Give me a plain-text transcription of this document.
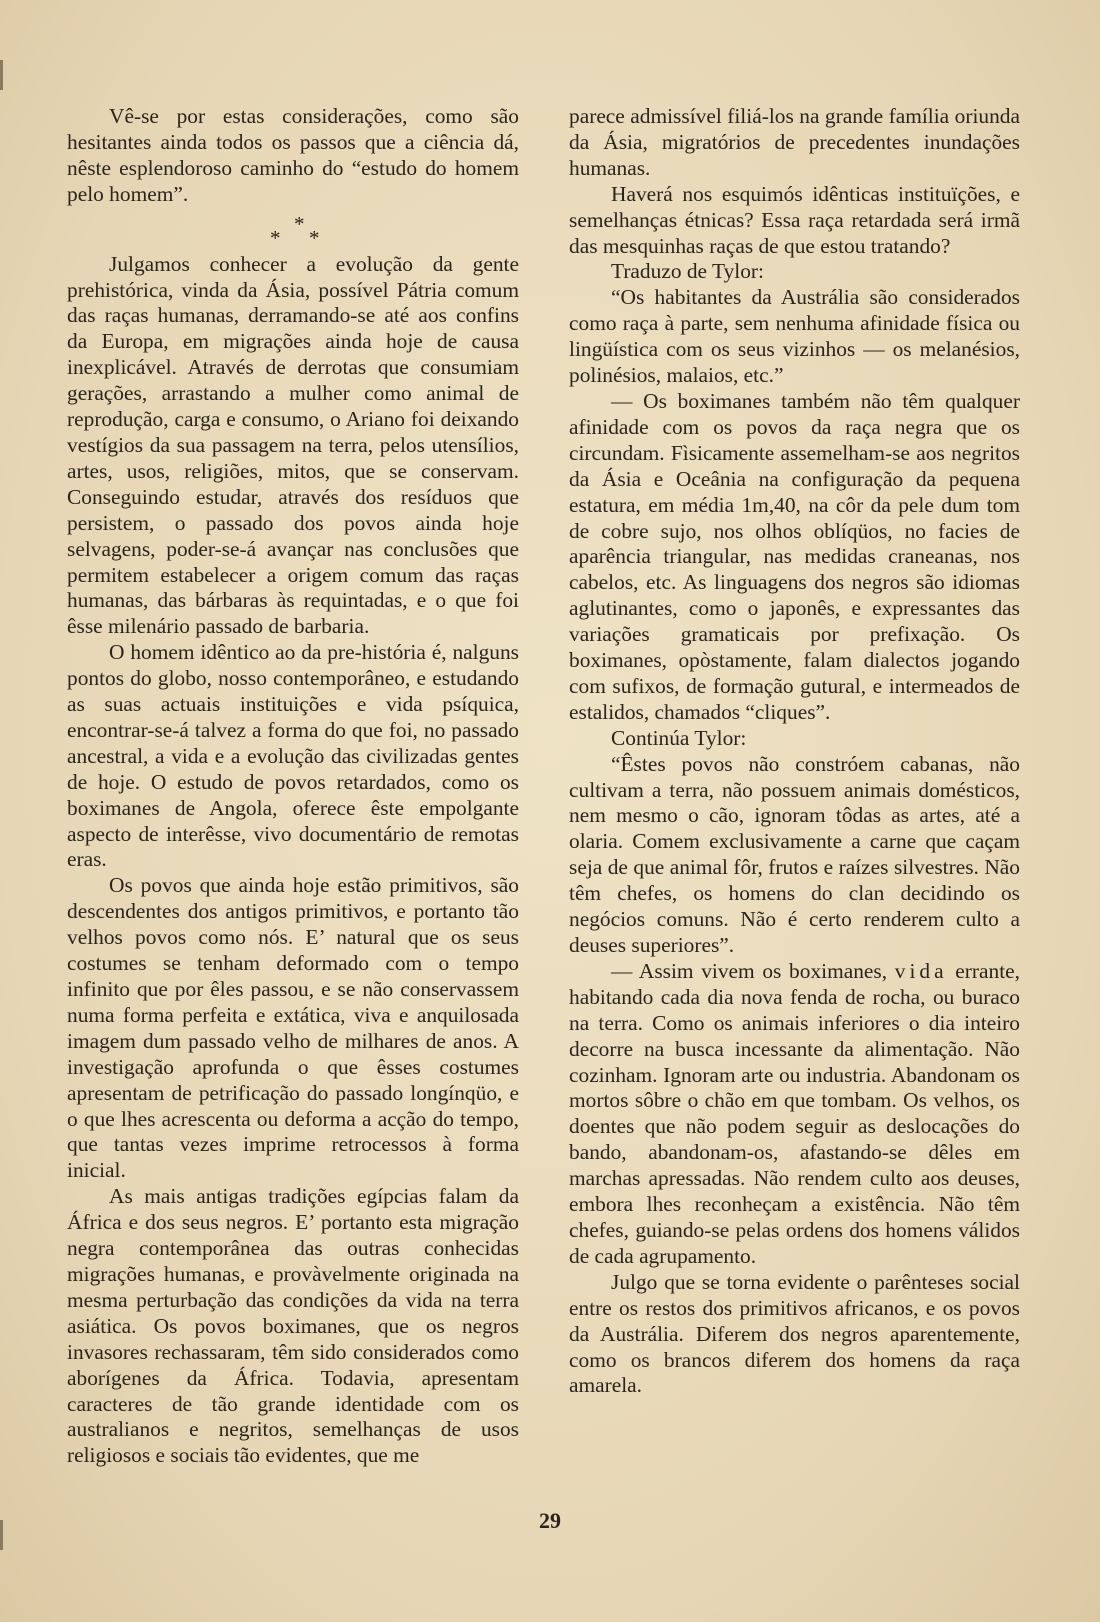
Vê-se por estas considerações, como são hesitantes ainda todos os passos que a ciência dá, nêste esplendoroso caminho do “estudo do homem pelo homem”.

*
* *

Julgamos conhecer a evolução da gente prehistórica, vinda da Ásia, possível Pátria comum das raças humanas, derramando-se até aos confins da Europa, em migrações ainda hoje de causa inexplicável. Através de derrotas que consumiam gerações, arrastando a mulher como animal de reprodução, carga e consumo, o Ariano foi deixando vestígios da sua passagem na terra, pelos utensílios, artes, usos, religiões, mitos, que se conservam. Conseguindo estudar, através dos resíduos que persistem, o passado dos povos ainda hoje selvagens, poder-se-á avançar nas conclusões que permitem estabelecer a origem comum das raças humanas, das bárbaras às requintadas, e o que foi êsse milenário passado de barbaria.

O homem idêntico ao da pre-história é, nalguns pontos do globo, nosso contemporâneo, e estudando as suas actuais instituições e vida psíquica, encontrar-se-á talvez a forma do que foi, no passado ancestral, a vida e a evolução das civilizadas gentes de hoje. O estudo de povos retardados, como os boximanes de Angola, oferece êste empolgante aspecto de interêsse, vivo documentário de remotas eras.

Os povos que ainda hoje estão primitivos, são descendentes dos antigos primitivos, e portanto tão velhos povos como nós. E’ natural que os seus costumes se tenham deformado com o tempo infinito que por êles passou, e se não conservassem numa forma perfeita e extática, viva e anquilosada imagem dum passado velho de milhares de anos. A investigação aprofunda o que êsses costumes apresentam de petrificação do passado longínqüo, e o que lhes acrescenta ou deforma a acção do tempo, que tantas vezes imprime retrocessos à forma inicial.

As mais antigas tradições egípcias falam da África e dos seus negros. E’ portanto esta migração negra contemporânea das outras conhecidas migrações humanas, e provàvelmente originada na mesma perturbação das condições da vida na terra asiática. Os povos boximanes, que os negros invasores rechassaram, têm sido considerados como aborígenes da África. Todavia, apresentam caracteres de tão grande identidade com os australianos e negritos, semelhanças de usos religiosos e sociais tão evidentes, que me

parece admissível filiá-los na grande família oriunda da Ásia, migratórios de precedentes inundações humanas.

Haverá nos esquimós idênticas instituïções, e semelhanças étnicas? Essa raça retardada será irmã das mesquinhas raças de que estou tratando?

Traduzo de Tylor:

“Os habitantes da Austrália são considerados como raça à parte, sem nenhuma afinidade física ou lingüística com os seus vizinhos — os melanésios, polinésios, malaios, etc.”

— Os boximanes também não têm qualquer afinidade com os povos da raça negra que os circundam. Fìsicamente assemelham-se aos negritos da Ásia e Oceânia na configuração da pequena estatura, em média 1m,40, na côr da pele dum tom de cobre sujo, nos olhos oblíqüos, no facies de aparência triangular, nas medidas craneanas, nos cabelos, etc. As linguagens dos negros são idiomas aglutinantes, como o japonês, e expressantes das variações gramaticais por prefixação. Os boximanes, opòstamente, falam dialectos jogando com sufixos, de formação gutural, e intermeados de estalidos, chamados “cliques”.

Continúa Tylor:

“Êstes povos não constróem cabanas, não cultivam a terra, não possuem animais domésticos, nem mesmo o cão, ignoram tôdas as artes, até a olaria. Comem exclusivamente a carne que caçam seja de que animal fôr, frutos e raízes silvestres. Não têm chefes, os homens do clan decidindo os negócios comuns. Não é certo renderem culto a deuses superiores”.

— Assim vivem os boximanes, vida errante, habitando cada dia nova fenda de rocha, ou buraco na terra. Como os animais inferiores o dia inteiro decorre na busca incessante da alimentação. Não cozinham. Ignoram arte ou industria. Abandonam os mortos sôbre o chão em que tombam. Os velhos, os doentes que não podem seguir as deslocações do bando, abandonam-os, afastando-se dêles em marchas apressadas. Não rendem culto aos deuses, embora lhes reconheçam a existência. Não têm chefes, guiando-se pelas ordens dos homens válidos de cada agrupamento.

Julgo que se torna evidente o parênteses social entre os restos dos primitivos africanos, e os povos da Austrália. Diferem dos negros aparentemente, como os brancos diferem dos homens da raça amarela.

29
